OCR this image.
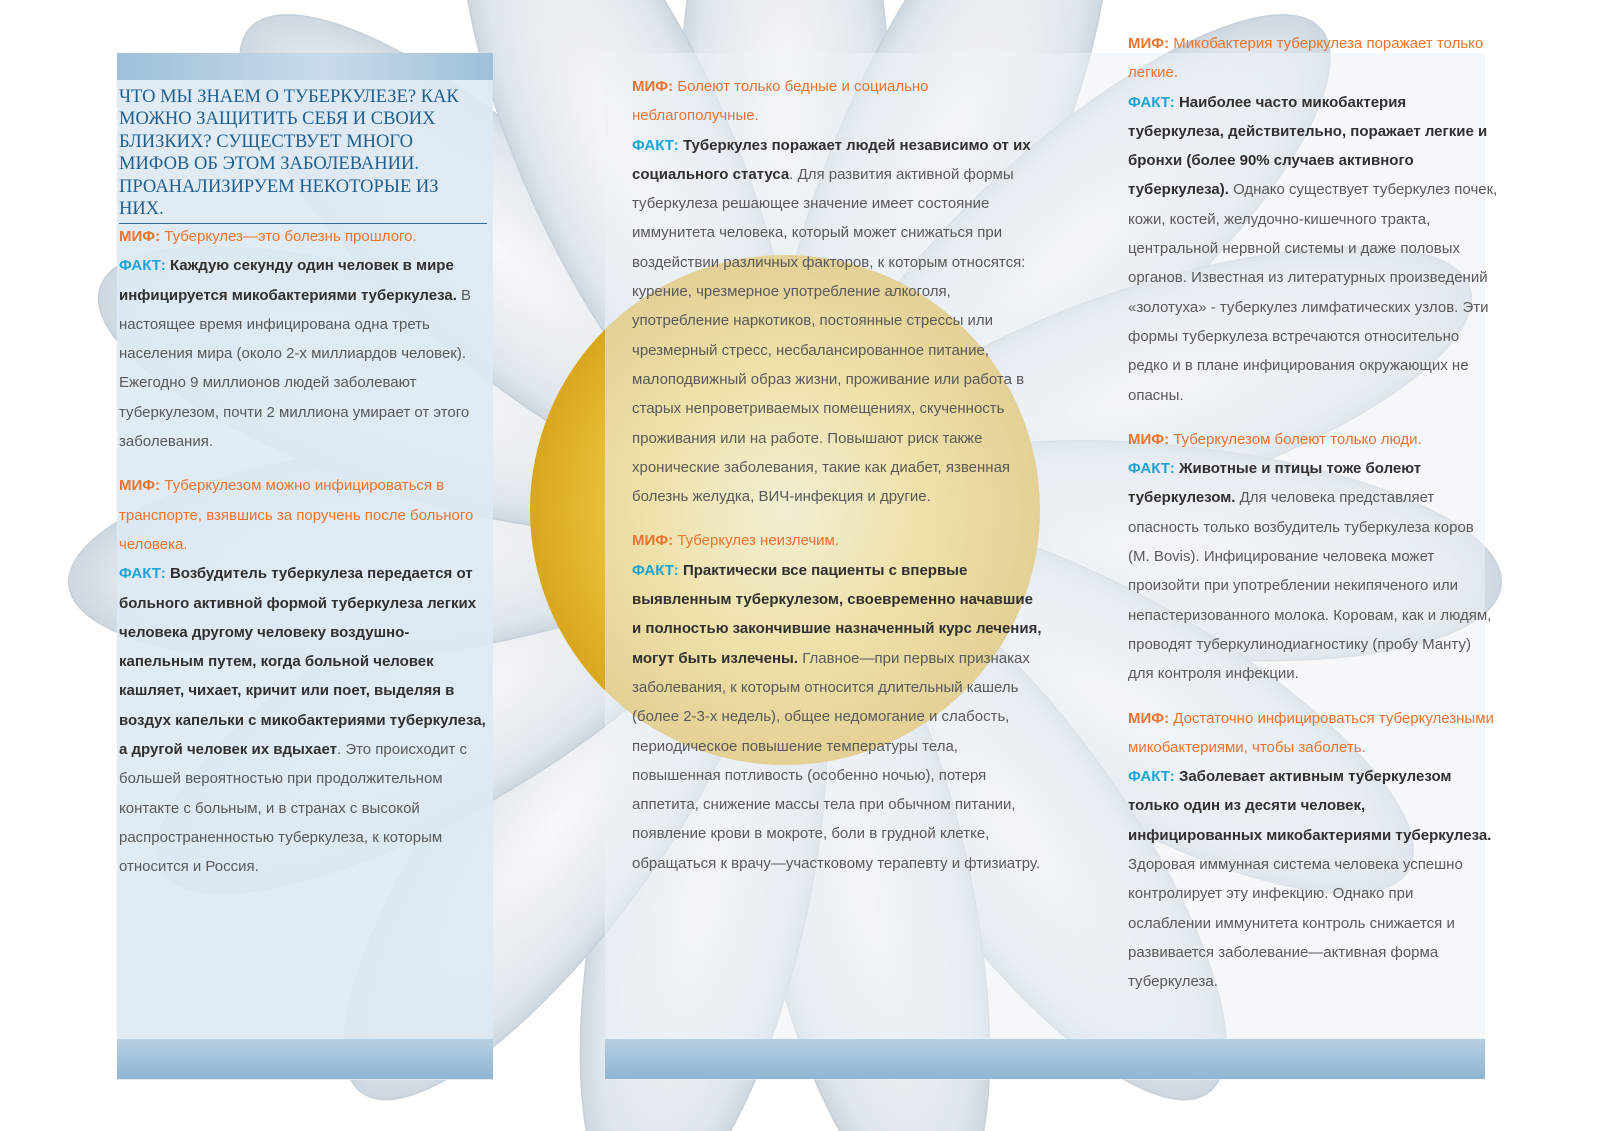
ЧТО МЫ ЗНАЕМ О ТУБЕРКУЛЕЗЕ? КАК МОЖНО ЗАЩИТИТЬ СЕБЯ И СВОИХ БЛИЗКИХ? СУЩЕСТВУЕТ МНОГО МИФОВ ОБ ЭТОМ ЗАБОЛЕВАНИИ. ПРОАНАЛИЗИРУЕМ НЕКОТОРЫЕ ИЗ НИХ.
МИФ: Туберкулез—это болезнь прошлого.
ФАКТ: Каждую секунду один человек в мире инфицируется микобактериями туберкулеза. В настоящее время инфицирована одна треть населения мира (около 2-х миллиардов человек). Ежегодно 9 миллионов людей заболевают туберкулезом, почти 2 миллиона умирает от этого заболевания.
МИФ: Туберкулезом можно инфицироваться в транспорте, взявшись за поручень после больного человека.
ФАКТ: Возбудитель туберкулеза передается от больного активной формой туберкулеза легких человека другому человеку воздушно-капельным путем, когда больной человек кашляет, чихает, кричит или поет, выделяя в воздух капельки с микобактериями туберкулеза, а другой человек их вдыхает. Это происходит с большей вероятностью при продолжительном контакте с больным, и в странах с высокой распространенностью туберкулеза, к которым относится и Россия.
МИФ: Болеют только бедные и социально неблагополучные.
ФАКТ: Туберкулез поражает людей независимо от их социального статуса. Для развития активной формы туберкулеза решающее значение имеет состояние иммунитета человека, который может снижаться при воздействии различных факторов, к которым относятся: курение, чрезмерное употребление алкоголя, употребление наркотиков, постоянные стрессы или чрезмерный стресс, несбалансированное питание, малоподвижный образ жизни, проживание или работа в старых непроветриваемых помещениях, скученность проживания или на работе. Повышают риск также хронические заболевания, такие как диабет, язвенная болезнь желудка, ВИЧ-инфекция и другие.
МИФ: Туберкулез неизлечим.
ФАКТ: Практически все пациенты с впервые выявленным туберкулезом, своевременно начавшие и полностью закончившие назначенный курс лечения, могут быть излечены. Главное—при первых признаках заболевания, к которым относится длительный кашель (более 2-3-х недель), общее недомогание и слабость, периодическое повышение температуры тела, повышенная потливость (особенно ночью), потеря аппетита, снижение массы тела при обычном питании, появление крови в мокроте, боли в грудной клетке, обращаться к врачу—участковому терапевту и фтизиатру.
МИФ: Микобактерия туберкулеза поражает только легкие.
ФАКТ: Наиболее часто микобактерия туберкулеза, действительно, поражает легкие и бронхи (более 90% случаев активного туберкулеза). Однако существует туберкулез почек, кожи, костей, желудочно-кишечного тракта, центральной нервной системы и даже половых органов. Известная из литературных произведений «золотуха» - туберкулез лимфатических узлов. Эти формы туберкулеза встречаются относительно редко и в плане инфицирования окружающих не опасны.
МИФ: Туберкулезом болеют только люди.
ФАКТ: Животные и птицы тоже болеют туберкулезом. Для человека представляет опасность только возбудитель туберкулеза коров (M. Bovis). Инфицирование человека может произойти при употреблении некипяченого или непастеризованного молока. Коровам, как и людям, проводят туберкулинодиагностику (пробу Манту) для контроля инфекции.
МИФ: Достаточно инфицироваться туберкулезными микобактериями, чтобы заболеть.
ФАКТ: Заболевает активным туберкулезом только один из десяти человек, инфицированных микобактериями туберкулеза. Здоровая иммунная система человека успешно контролирует эту инфекцию. Однако при ослаблении иммунитета контроль снижается и развивается заболевание—активная форма туберкулеза.
